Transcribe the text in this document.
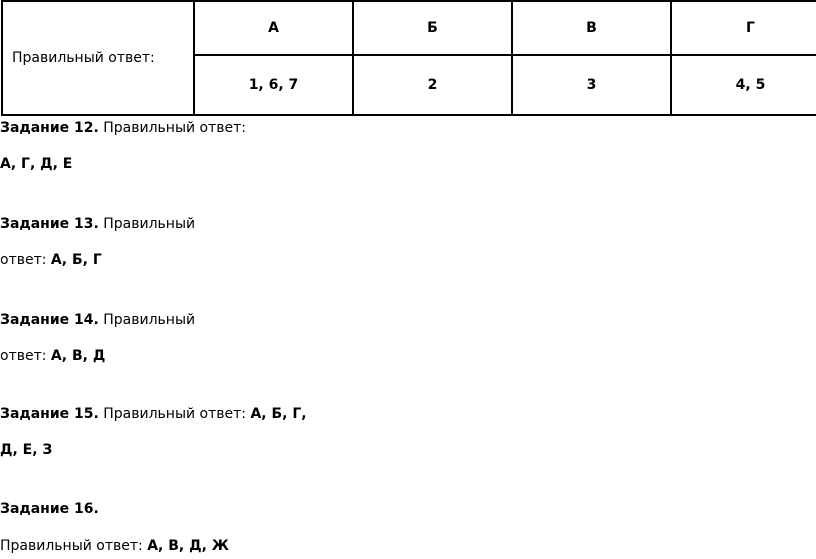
Правильный ответ:	А	Б	В	Г
	1, 6, 7	2	3	4, 5

Задание 12. Правильный ответ:

А, Г, Д, Е

Задание 13. Правильный

ответ: А, Б, Г

Задание 14. Правильный

ответ: А, В, Д

Задание 15. Правильный ответ: А, Б, Г,

Д, Е, З

Задание 16.

Правильный ответ: А, В, Д, Ж
